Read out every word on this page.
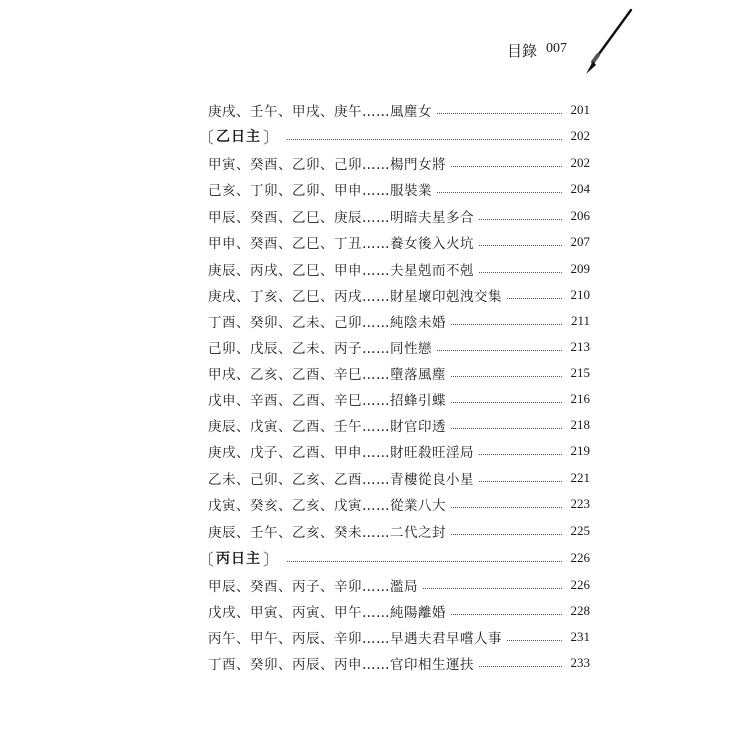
目錄 007
庚戌、壬午、甲戌、庚午……風塵女	201
〔 乙日主 〕	202
甲寅、癸酉、乙卯、己卯……楊門女將	202
己亥、丁卯、乙卯、甲申……服裝業	204
甲辰、癸酉、乙巳、庚辰……明暗夫星多合	206
甲申、癸酉、乙巳、丁丑……養女後入火坑	207
庚辰、丙戌、乙巳、甲申……夫星剋而不剋	209
庚戌、丁亥、乙巳、丙戌……財星壞印剋洩交集	210
丁酉、癸卯、乙未、己卯……純陰未婚	211
己卯、戊辰、乙未、丙子……同性戀	213
甲戌、乙亥、乙酉、辛巳……墮落風塵	215
戊申、辛酉、乙酉、辛巳……招蜂引蝶	216
庚辰、戊寅、乙酉、壬午……財官印透	218
庚戌、戊子、乙酉、甲申……財旺殺旺淫局	219
乙未、己卯、乙亥、乙酉……青樓從良小星	221
戊寅、癸亥、乙亥、戊寅……從業八大	223
庚辰、壬午、乙亥、癸未……二代之封	225
〔 丙日主 〕	226
甲辰、癸酉、丙子、辛卯……濫局	226
戊戌、甲寅、丙寅、甲午……純陽離婚	228
丙午、甲午、丙辰、辛卯……早遇夫君早嚐人事	231
丁酉、癸卯、丙辰、丙申……官印相生運扶	233
